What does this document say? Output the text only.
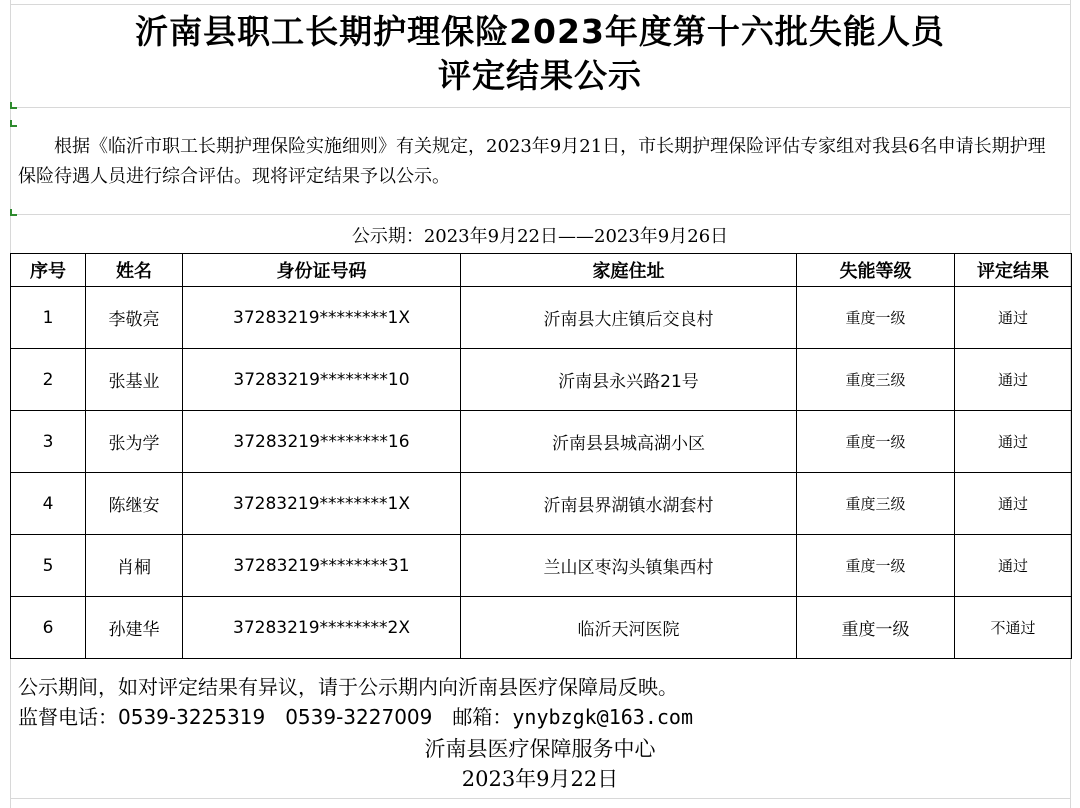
沂南县职工长期护理保险2023年度第十六批失能人员
评定结果公示
根据《临沂市职工长期护理保险实施细则》有关规定，2023年9月21日，市长期护理保险评估专家组对我县6名申请长期护理保险待遇人员进行综合评估。现将评定结果予以公示。
公示期：2023年9月22日——2023年9月26日
序号	姓名	身份证号码	家庭住址	失能等级	评定结果
1	李敬亮	37283219********1X	沂南县大庄镇后交良村	重度一级	通过
2	张基业	37283219********10	沂南县永兴路21号	重度三级	通过
3	张为学	37283219********16	沂南县县城高湖小区	重度一级	通过
4	陈继安	37283219********1X	沂南县界湖镇水湖套村	重度三级	通过
5	肖桐	37283219********31	兰山区枣沟头镇集西村	重度一级	通过
6	孙建华	37283219********2X	临沂天河医院	重度一级	不通过
公示期间，如对评定结果有异议，请于公示期内向沂南县医疗保障局反映。
监督电话：0539-3225319 0539-3227009 邮箱：ynybzgk@163.com
沂南县医疗保障服务中心
2023年9月22日
